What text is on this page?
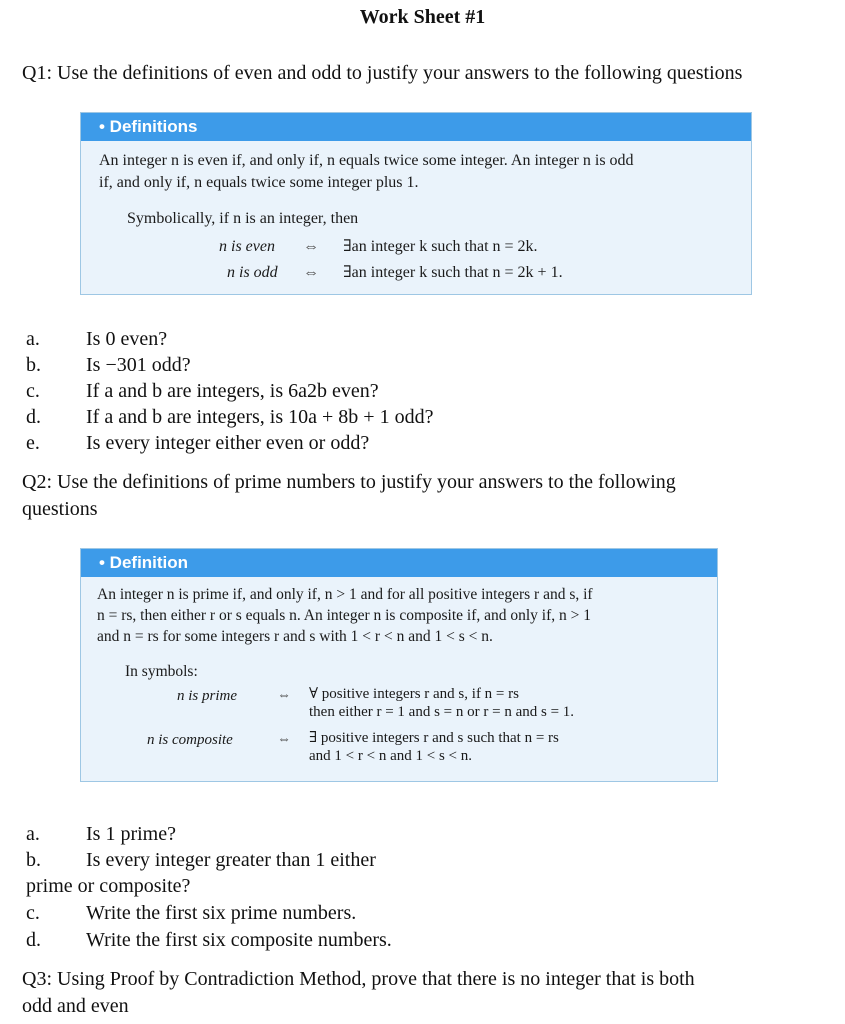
Work Sheet #1
Q1: Use the definitions of even and odd to justify your answers to the following questions
• Definitions
An integer n is even if, and only if, n equals twice some integer. An integer n is odd
if, and only if, n equals twice some integer plus 1.
Symbolically, if n is an integer, then
n is even ⇔ ∃an integer k such that n = 2k.
n is odd ⇔ ∃an integer k such that n = 2k + 1.
a. Is 0 even?
b. Is −301 odd?
c. If a and b are integers, is 6a2b even?
d. If a and b are integers, is 10a + 8b + 1 odd?
e. Is every integer either even or odd?
Q2: Use the definitions of prime numbers to justify your answers to the following
questions
• Definition
An integer n is prime if, and only if, n > 1 and for all positive integers r and s, if
n = rs, then either r or s equals n. An integer n is composite if, and only if, n > 1
and n = rs for some integers r and s with 1 < r < n and 1 < s < n.
In symbols:
n is prime	⇔ ∀ positive integers r and s, if n = rs
then either r = 1 and s = n or r = n and s = 1.
n is composite	⇔ ∃ positive integers r and s such that n = rs
and 1 < r < n and 1 < s < n.
a. Is 1 prime?
b. Is every integer greater than 1 either
prime or composite?
c. Write the first six prime numbers.
d. Write the first six composite numbers.
Q3: Using Proof by Contradiction Method, prove that there is no integer that is both
odd and even
